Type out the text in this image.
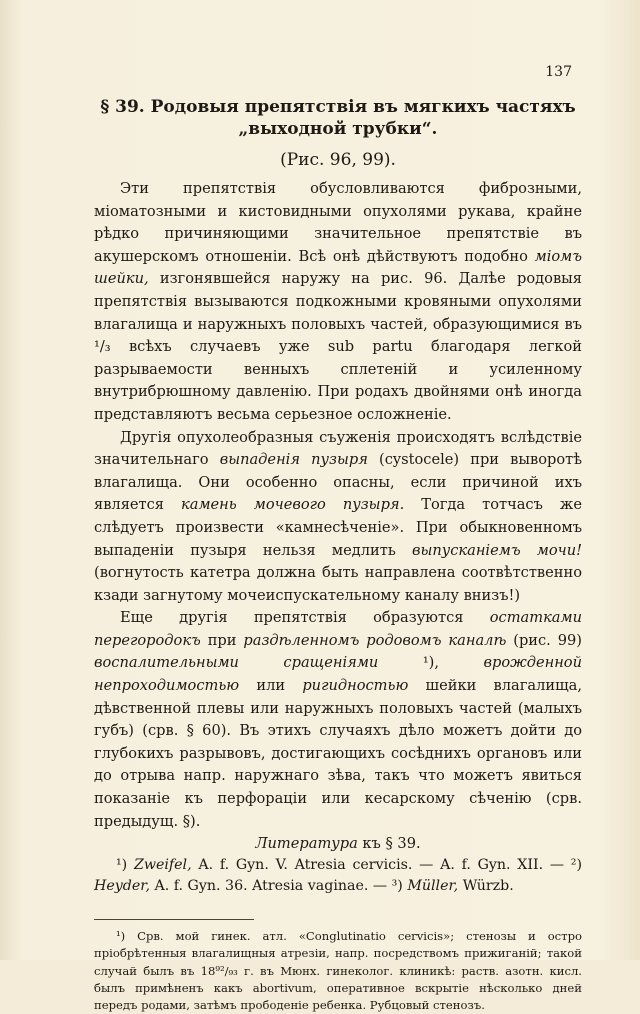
137
§ 39. Родовыя препятствія въ мягкихъ частяхъ
„выходной трубки“.
(Рис. 96, 99).

Эти препятствія обусловливаются фиброзными, міоматозными и кистовидными опухолями рукава, крайне рѣдко причиняющими значительное препятствіе въ акушерскомъ отношеніи. Всѣ онѣ дѣйствуютъ подобно міомъ шейки, изгонявшейся наружу на рис. 96. Далѣе родовыя препятствія вызываются подкожными кровяными опухолями влагалища и наружныхъ половыхъ частей, образующимися въ ¹/₃ всѣхъ случаевъ уже sub partu благодаря легкой разрываемости венныхъ сплетеній и усиленному внутрибрюшному давленію. При родахъ двойнями онѣ иногда представляютъ весьма серьезное осложненіе.

Другія опухолеобразныя съуженія происходятъ вслѣдствіе значительнаго выпаденія пузыря (cystocele) при выворотѣ влагалища. Они особенно опасны, если причиной ихъ является камень мочевого пузыря. Тогда тотчасъ же слѣдуетъ произвести «камнесѣченіе». При обыкновенномъ выпаденіи пузыря нельзя медлить выпусканіемъ мочи! (вогнутость катетра должна быть направлена соотвѣтственно кзади загнутому мочеиспускательному каналу внизъ!)

Еще другія препятствія образуются остатками перегородокъ при раздѣленномъ родовомъ каналѣ (рис. 99) воспалительными сращеніями ¹), врожденной непроходимостью или ригидностью шейки влагалища, дѣвственной плевы или наружныхъ половыхъ частей (малыхъ губъ) (срв. § 60). Въ этихъ случаяхъ дѣло можетъ дойти до глубокихъ разрывовъ, достигающихъ сосѣднихъ органовъ или до отрыва напр. наружнаго зѣва, такъ что можетъ явиться показаніе къ перфораціи или кесарскому сѣченію (срв. предыдущ. §).

Литература къ § 39.

¹) Zweifel, A. f. Gyn. V. Atresia cervicis. — A. f. Gyn. XII. — ²) Heyder, A. f. Gyn. 36. Atresia vaginae. — ³) Müller, Würzb.

¹) Срв. мой гинек. атл. «Conglutinatio cervicis»; стенозы и остро пріобрѣтенныя влагалищныя атрезіи, напр. посредствомъ прижиганій; такой случай былъ въ 18⁹²/₉₃ г. въ Мюнх. гинеколог. клиникѣ: раств. азотн. кисл. былъ примѣненъ какъ abortivum, оперативное вскрытіе нѣсколько дней передъ родами, затѣмъ прободеніе ребенка. Рубцовый стенозъ.
